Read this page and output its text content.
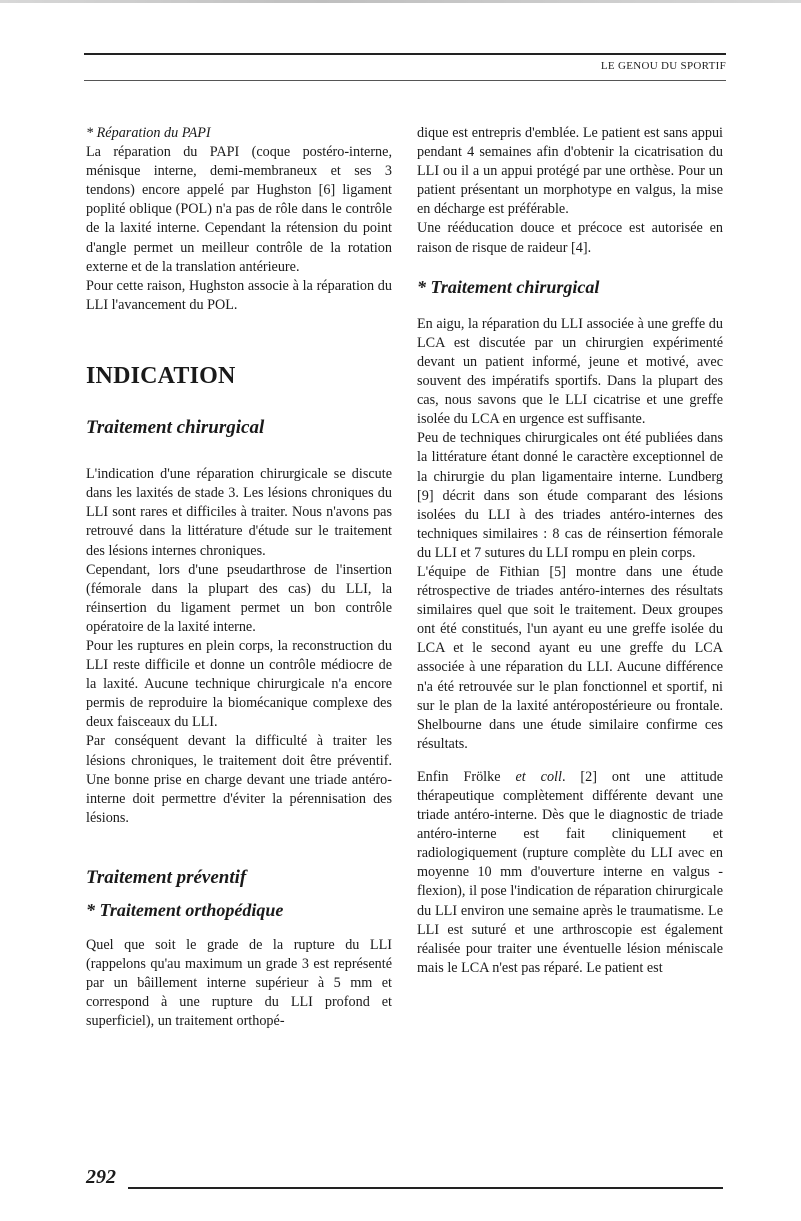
LE GENOU DU SPORTIF

* Réparation du PAPI

La réparation du PAPI (coque postéro-interne, ménisque interne, demi-membraneux et ses 3 tendons) encore appelé par Hughston [6] ligament poplité oblique (POL) n'a pas de rôle dans le contrôle de la laxité interne. Cependant la rétension du point d'angle permet un meilleur contrôle de la rotation externe et de la translation antérieure.

Pour cette raison, Hughston associe à la réparation du LLI l'avancement du POL.

INDICATION
Traitement chirurgical

L'indication d'une réparation chirurgicale se discute dans les laxités de stade 3. Les lésions chroniques du LLI sont rares et difficiles à traiter. Nous n'avons pas retrouvé dans la littérature d'étude sur le traitement des lésions internes chroniques.

Cependant, lors d'une pseudarthrose de l'insertion (fémorale dans la plupart des cas) du LLI, la réinsertion du ligament permet un bon contrôle opératoire de la laxité interne.

Pour les ruptures en plein corps, la reconstruction du LLI reste difficile et donne un contrôle médiocre de la laxité. Aucune technique chirurgicale n'a encore permis de reproduire la biomécanique complexe des deux faisceaux du LLI.

Par conséquent devant la difficulté à traiter les lésions chroniques, le traitement doit être préventif. Une bonne prise en charge devant une triade antéro-interne doit permettre d'éviter la pérennisation des lésions.

Traitement préventif
* Traitement orthopédique

Quel que soit le grade de la rupture du LLI (rappelons qu'au maximum un grade 3 est représenté par un bâillement interne supérieur à 5 mm et correspond à une rupture du LLI profond et superficiel), un traitement orthopé-

dique est entrepris d'emblée. Le patient est sans appui pendant 4 semaines afin d'obtenir la cicatrisation du LLI ou il a un appui protégé par une orthèse. Pour un patient présentant un morphotype en valgus, la mise en décharge est préférable.

Une rééducation douce et précoce est autorisée en raison de risque de raideur [4].

* Traitement chirurgical

En aigu, la réparation du LLI associée à une greffe du LCA est discutée par un chirurgien expérimenté devant un patient informé, jeune et motivé, avec souvent des impératifs sportifs. Dans la plupart des cas, nous savons que le LLI cicatrise et une greffe isolée du LCA en urgence est suffisante.

Peu de techniques chirurgicales ont été publiées dans la littérature étant donné le caractère exceptionnel de la chirurgie du plan ligamentaire interne. Lundberg [9] décrit dans son étude comparant des lésions isolées du LLI à des triades antéro-internes des techniques similaires : 8 cas de réinsertion fémorale du LLI et 7 sutures du LLI rompu en plein corps.

L'équipe de Fithian [5] montre dans une étude rétrospective de triades antéro-internes des résultats similaires quel que soit le traitement. Deux groupes ont été constitués, l'un ayant eu une greffe isolée du LCA et le second ayant eu une greffe du LCA associée à une réparation du LLI. Aucune différence n'a été retrouvée sur le plan fonctionnel et sportif, ni sur le plan de la laxité antéropostérieure ou frontale. Shelbourne dans une étude similaire confirme ces résultats.

Enfin Frölke et coll. [2] ont une attitude thérapeutique complètement différente devant une triade antéro-interne. Dès que le diagnostic de triade antéro-interne est fait cliniquement et radiologiquement (rupture complète du LLI avec en moyenne 10 mm d'ouverture interne en valgus - flexion), il pose l'indication de réparation chirurgicale du LLI environ une semaine après le traumatisme. Le LLI est suturé et une arthroscopie est également réalisée pour traiter une éventuelle lésion méniscale mais le LCA n'est pas réparé. Le patient est

292
